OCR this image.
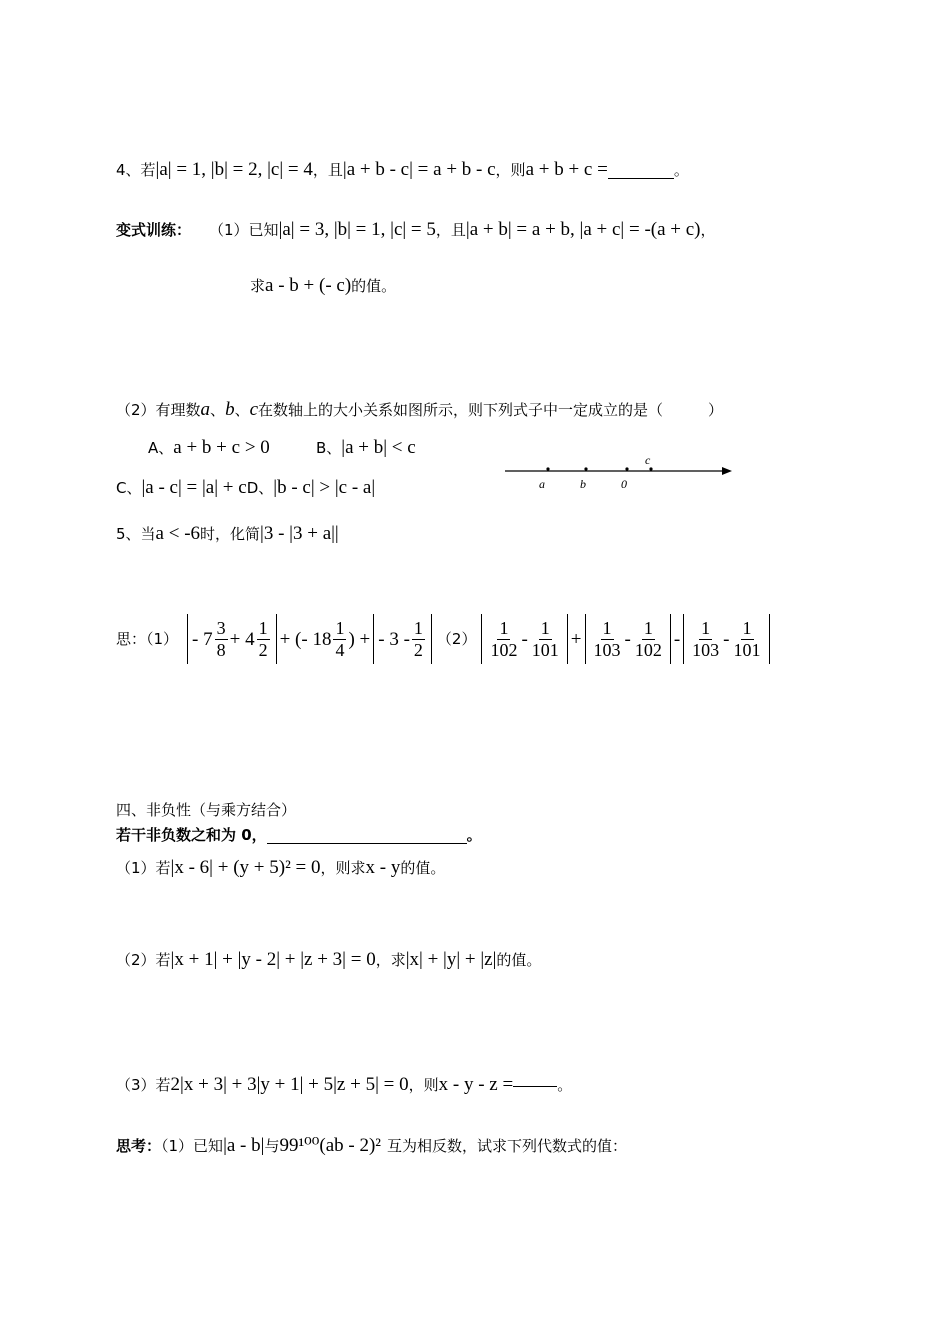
4、若|a| = 1, |b| = 2, |c| = 4，且|a + b - c| = a + b - c，则a + b + c =	。
变式训练： （1）已知|a| = 3, |b| = 1, |c| = 5，且|a + b| = a + b, |a + c| = -(a + c)，
求a - b + (- c)的值。
（2）有理数a、b、c在数轴上的大小关系如图所示，则下列式子中一定成立的是（　　　）
A、a + b + c > 0	B、|a + b| < c
C、|a - c| = |a| + cD、|b - c| > |c - a|	a	b	0
c
5、当a < -6时，化简|3 - |3 + a||
思：$(1) - 7 \frac{3}{8} + 4 \frac{1}{2}$ + (- $18 \frac{1}{4}$ ) + - $3 - \frac{1}{2} (2) \frac{1}{102} - \frac{1}{101} + \frac{1}{103} - \frac{1}{102} - \frac{1}{103} - \frac{1}{101}$
四、非负性（与乘方结合）
若干非负数之和为 0，	。
（1）若|x - 6| + (y + 5)² = 0，则求x - y的值。
（2）若|x + 1| + |y - 2| + |z + 3| = 0，求|x| + |y| + |z|的值。
（3）若2|x + 3| + 3|y + 1| + 5|z + 5| = 0，则x - y - z =	。
思考：（1）已知|a - b|与99¹⁰⁰(ab - 2)² 互为相反数，试求下列代数式的值：
